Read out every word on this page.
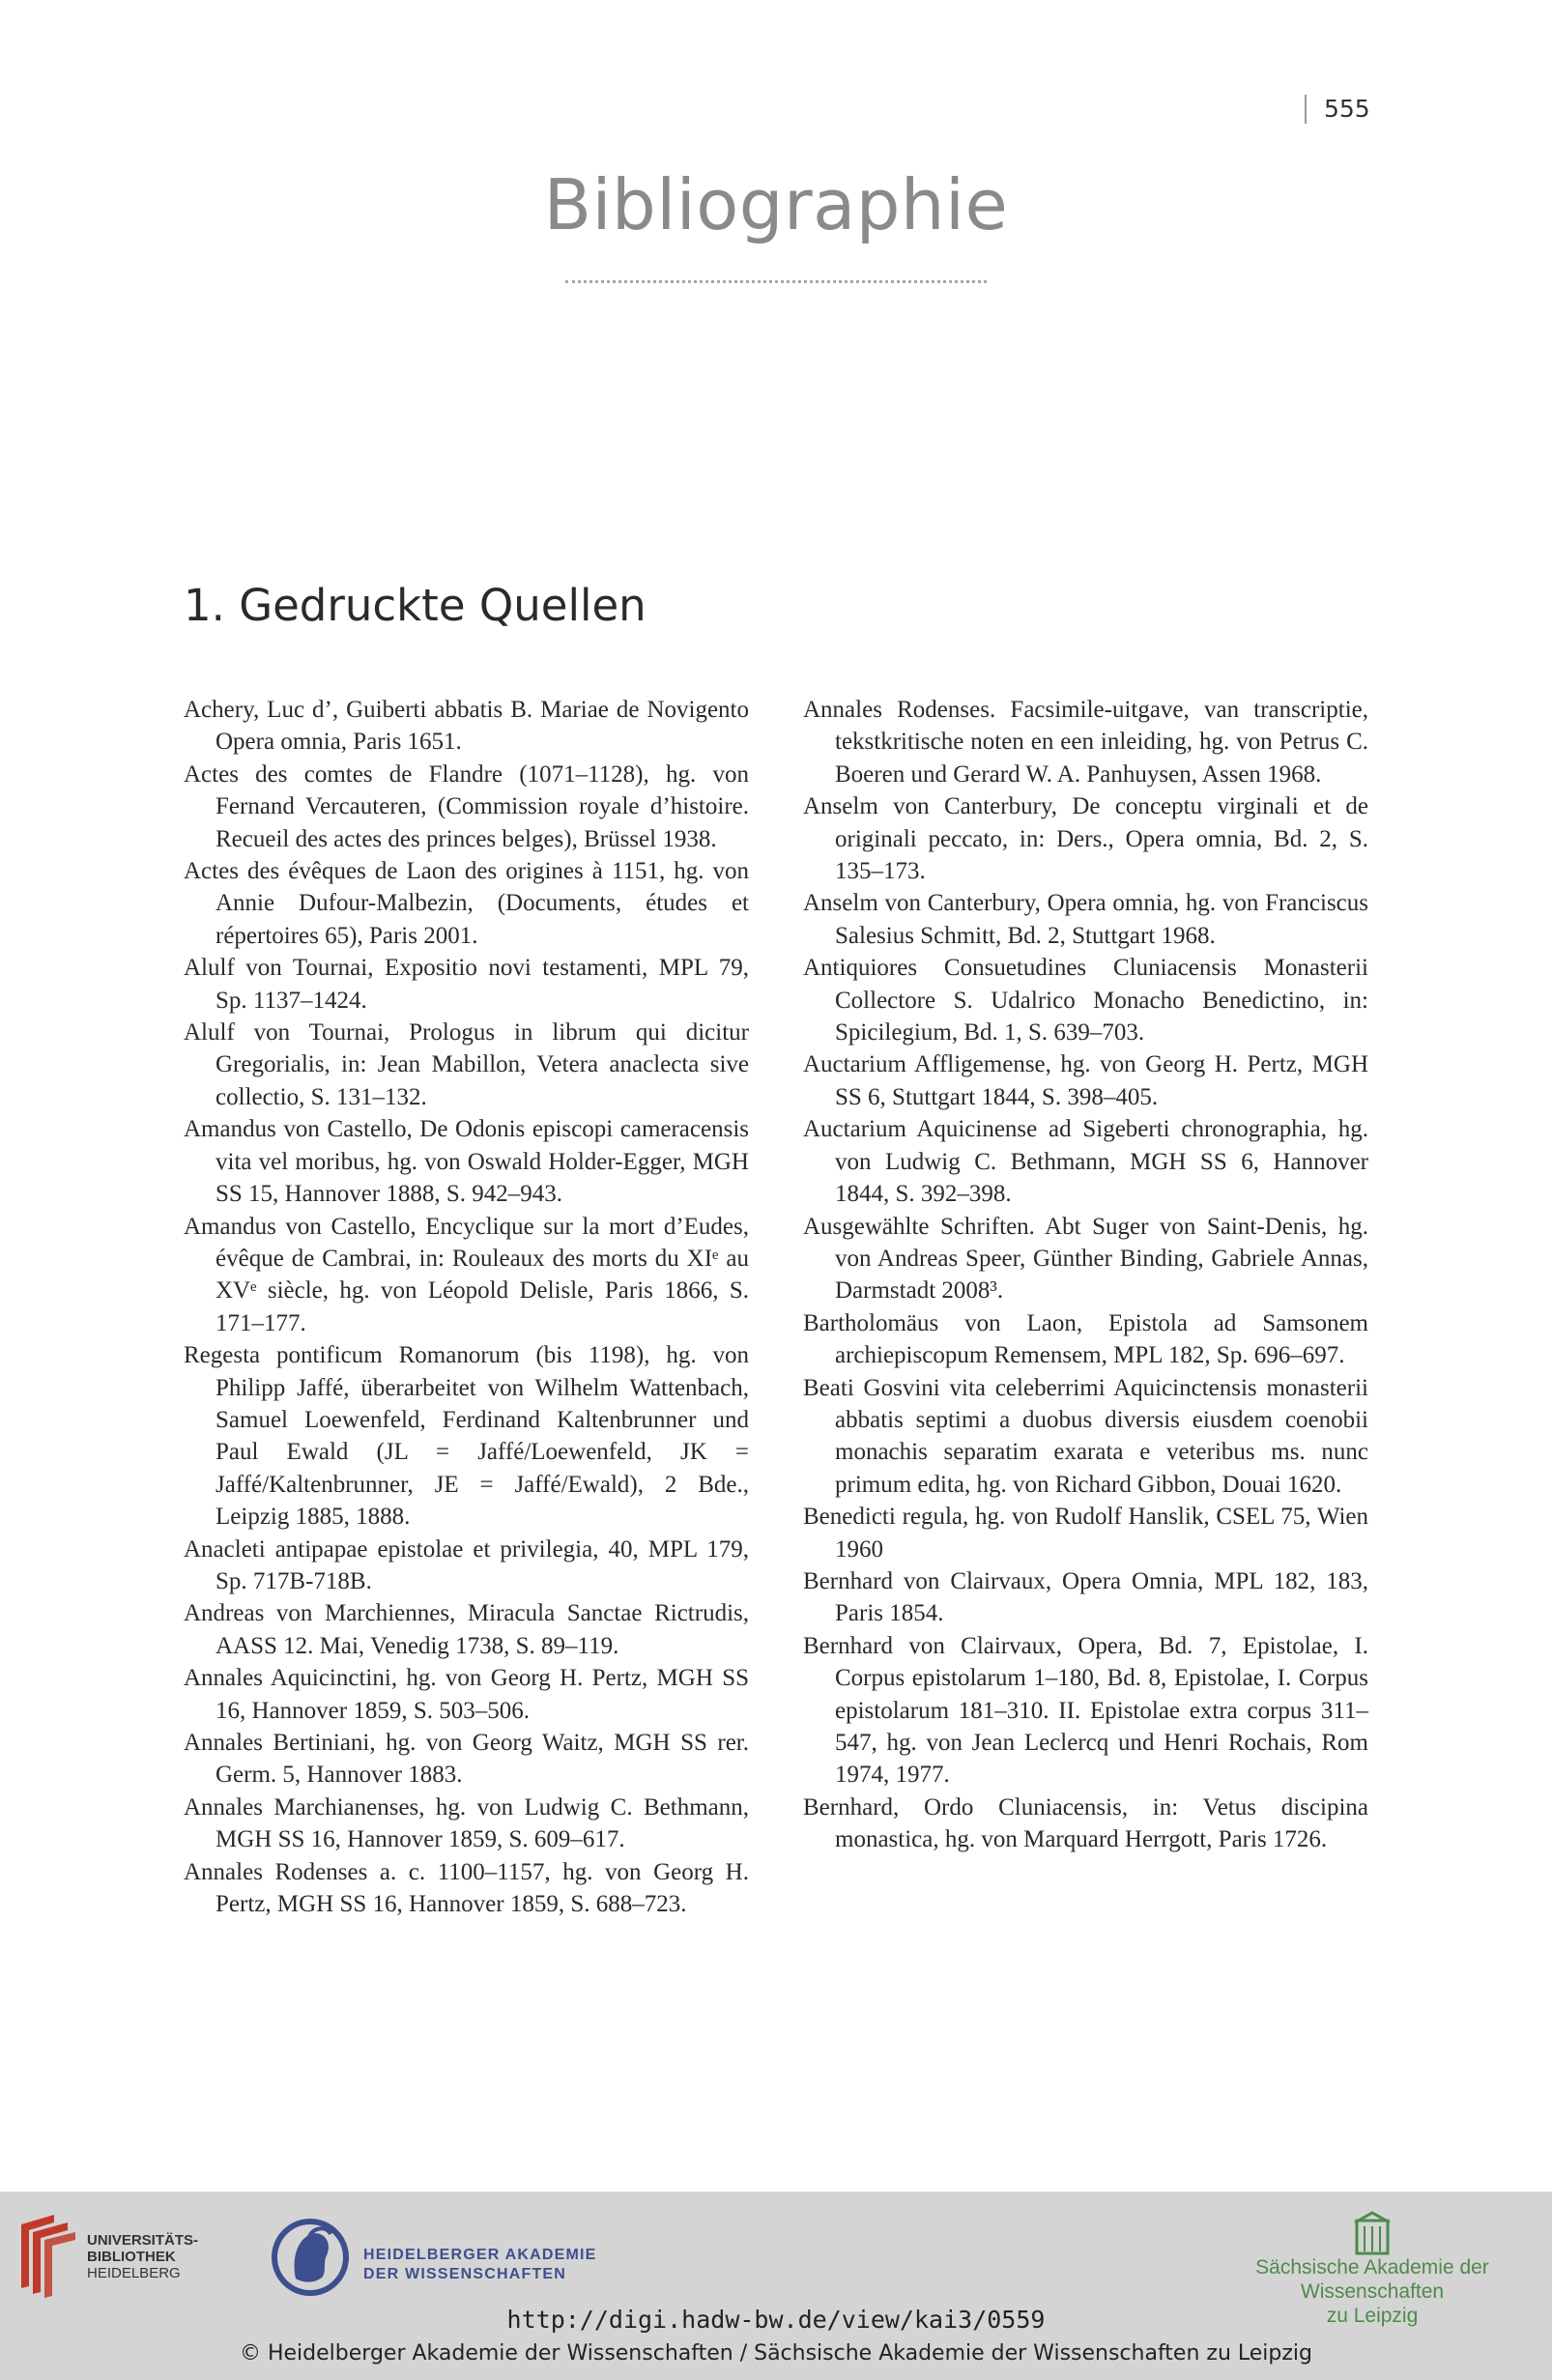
555
Bibliographie
1. Gedruckte Quellen

Achery, Luc d’, Guiberti abbatis B. Mariae de Novigento Opera omnia, Paris 1651.

Actes des comtes de Flandre (1071–1128), hg. von Fernand Vercauteren, (Commission royale d’histoire. Recueil des actes des princes belges), Brüssel 1938.

Actes des évêques de Laon des origines à 1151, hg. von Annie Dufour-Malbezin, (Documents, études et répertoires 65), Paris 2001.

Alulf von Tournai, Expositio novi testamenti, MPL 79, Sp. 1137–1424.

Alulf von Tournai, Prologus in librum qui dicitur Gregorialis, in: Jean Mabillon, Vetera anaclecta sive collectio, S. 131–132.

Amandus von Castello, De Odonis episcopi cameracensis vita vel moribus, hg. von Oswald Holder-Egger, MGH SS 15, Hannover 1888, S. 942–943.

Amandus von Castello, Encyclique sur la mort d’Eudes, évêque de Cambrai, in: Rouleaux des morts du XIᵉ au XVᵉ siècle, hg. von Léopold Delisle, Paris 1866, S. 171–177.

Regesta pontificum Romanorum (bis 1198), hg. von Philipp Jaffé, überarbeitet von Wilhelm Wattenbach, Samuel Loewenfeld, Ferdinand Kaltenbrunner und Paul Ewald (JL = Jaffé/Loewenfeld, JK = Jaffé/Kaltenbrunner, JE = Jaffé/Ewald), 2 Bde., Leipzig 1885, 1888.

Anacleti antipapae epistolae et privilegia, 40, MPL 179, Sp. 717B-718B.

Andreas von Marchiennes, Miracula Sanctae Rictrudis, AASS 12. Mai, Venedig 1738, S. 89–119.

Annales Aquicinctini, hg. von Georg H. Pertz, MGH SS 16, Hannover 1859, S. 503–506.

Annales Bertiniani, hg. von Georg Waitz, MGH SS rer. Germ. 5, Hannover 1883.

Annales Marchianenses, hg. von Ludwig C. Bethmann, MGH SS 16, Hannover 1859, S. 609–617.

Annales Rodenses a. c. 1100–1157, hg. von Georg H. Pertz, MGH SS 16, Hannover 1859, S. 688–723.

Annales Rodenses. Facsimile-uitgave, van transcriptie, tekstkritische noten en een inleiding, hg. von Petrus C. Boeren und Gerard W. A. Panhuysen, Assen 1968.

Anselm von Canterbury, De conceptu virginali et de originali peccato, in: Ders., Opera omnia, Bd. 2, S. 135–173.

Anselm von Canterbury, Opera omnia, hg. von Franciscus Salesius Schmitt, Bd. 2, Stuttgart 1968.

Antiquiores Consuetudines Cluniacensis Monasterii Collectore S. Udalrico Monacho Benedictino, in: Spicilegium, Bd. 1, S. 639–703.

Auctarium Affligemense, hg. von Georg H. Pertz, MGH SS 6, Stuttgart 1844, S. 398–405.

Auctarium Aquicinense ad Sigeberti chronographia, hg. von Ludwig C. Bethmann, MGH SS 6, Hannover 1844, S. 392–398.

Ausgewählte Schriften. Abt Suger von Saint-Denis, hg. von Andreas Speer, Günther Binding, Gabriele Annas, Darmstadt 2008³.

Bartholomäus von Laon, Epistola ad Samsonem archiepiscopum Remensem, MPL 182, Sp. 696–697.

Beati Gosvini vita celeberrimi Aquicinctensis monasterii abbatis septimi a duobus diversis eiusdem coenobii monachis separatim exarata e veteribus ms. nunc primum edita, hg. von Richard Gibbon, Douai 1620.

Benedicti regula, hg. von Rudolf Hanslik, CSEL 75, Wien 1960

Bernhard von Clairvaux, Opera Omnia, MPL 182, 183, Paris 1854.

Bernhard von Clairvaux, Opera, Bd. 7, Epistolae, I. Corpus epistolarum 1–180, Bd. 8, Epistolae, I. Corpus epistolarum 181–310. II. Epistolae extra corpus 311–547, hg. von Jean Leclercq und Henri Rochais, Rom 1974, 1977.

Bernhard, Ordo Cluniacensis, in: Vetus discipina monastica, hg. von Marquard Herrgott, Paris 1726.

UNIVERSITÄTS-
BIBLIOTHEK
HEIDELBERG
HEIDELBERGER AKADEMIE
DER WISSENSCHAFTEN	Sächsische Akademie der Wissenschaften
zu Leipzig
http://digi.hadw-bw.de/view/kai3/0559
© Heidelberger Akademie der Wissenschaften / Sächsische Akademie der Wissenschaften zu Leipzig
